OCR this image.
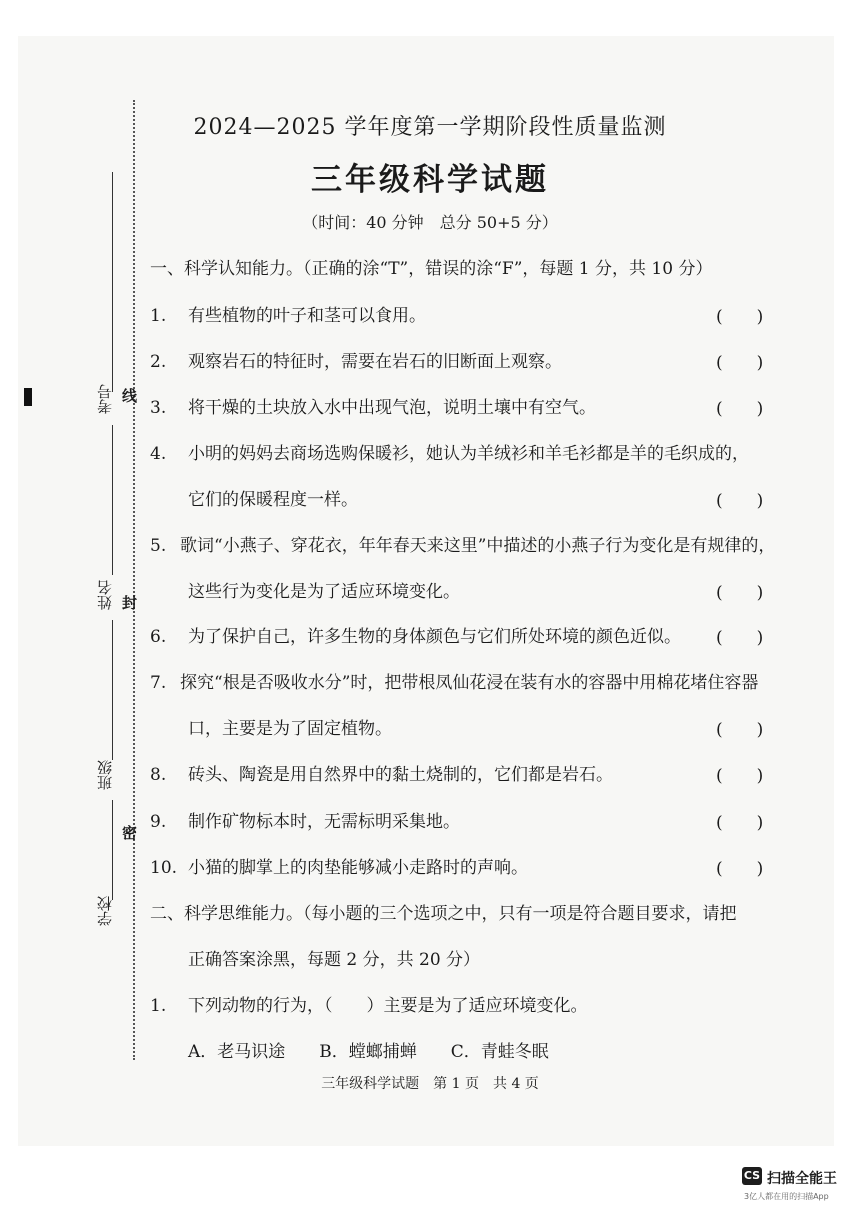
考号
姓名
班级
学校
线
封
密
2024—2025 学年度第一学期阶段性质量监测
三年级科学试题
（时间：40 分钟　总分 50+5 分）
一、科学认知能力。（正确的涂“T”，错误的涂“F”，每题 1 分，共 10 分）
1. 有些植物的叶子和茎可以食用。	(　　)
2. 观察岩石的特征时，需要在岩石的旧断面上观察。	(　　)
3. 将干燥的土块放入水中出现气泡，说明土壤中有空气。	(　　)
4. 小明的妈妈去商场选购保暖衫，她认为羊绒衫和羊毛衫都是羊的毛织成的，
它们的保暖程度一样。	(　　)
5. 歌词“小燕子、穿花衣，年年春天来这里”中描述的小燕子行为变化是有规律的，
这些行为变化是为了适应环境变化。	(　　)
6. 为了保护自己，许多生物的身体颜色与它们所处环境的颜色近似。 (　　)
7. 探究“根是否吸收水分”时，把带根凤仙花浸在装有水的容器中用棉花堵住容器
口，主要是为了固定植物。	(　　)
8. 砖头、陶瓷是用自然界中的黏土烧制的，它们都是岩石。	(　　)
9. 制作矿物标本时，无需标明采集地。	(　　)
10. 小猫的脚掌上的肉垫能够减小走路时的声响。	(　　)
二、科学思维能力。（每小题的三个选项之中，只有一项是符合题目要求，请把
正确答案涂黑，每题 2 分，共 20 分）
1. 下列动物的行为，（　　）主要是为了适应环境变化。
A．老马识途　　B．螳螂捕蝉　　C．青蛙冬眠
三年级科学试题　第 1 页　共 4 页
CS 扫描全能王
3亿人都在用的扫描App
